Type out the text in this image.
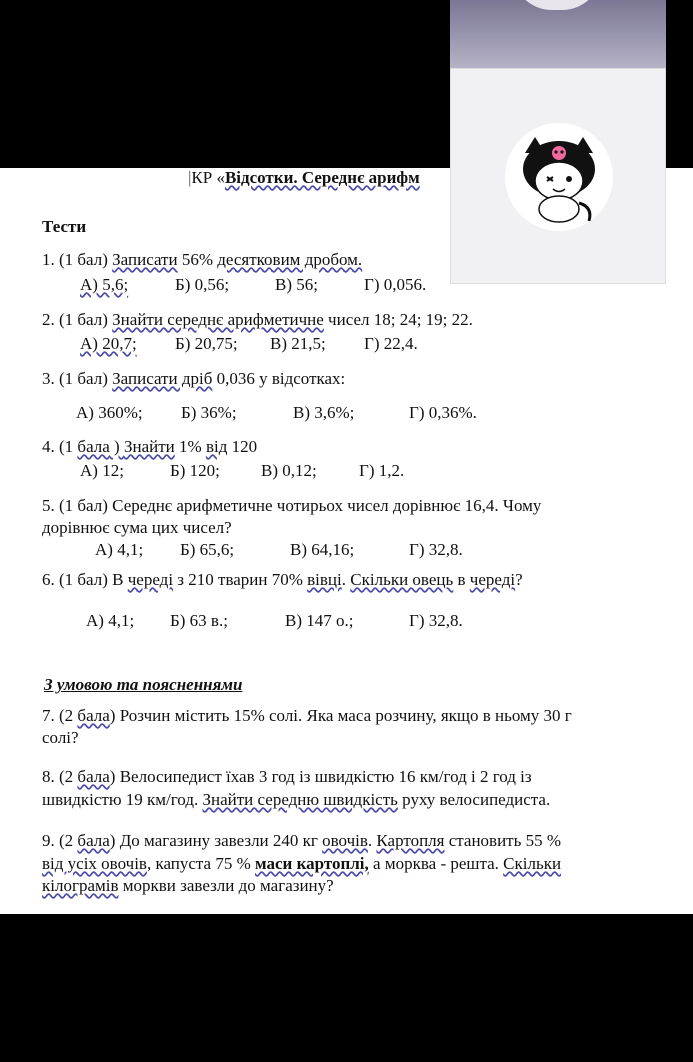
|КР «Відсотки. Середнє арифм
Тести
1. (1 бал) Записати 56% десятковим дробом.
А) 5,6;	Б) 0,56;	В) 56;	Г) 0,056.
2. (1 бал) Знайти середнє арифметичне чисел 18; 24; 19; 22.
А) 20,7; Б) 20,75; В) 21,5; Г) 22,4.
3. (1 бал) Записати дріб 0,036 у відсотках:
А) 360%; Б) 36%;	В) 3,6%;	Г) 0,36%.
4. (1 бала ) Знайти 1% від 120
А) 12;	Б) 120; В) 0,12; Г) 1,2.
5. (1 бал) Середнє арифметичне чотирьох чисел дорівнює 16,4. Чому
дорівнює сума цих чисел?
А) 4,1; Б) 65,6;	В) 64,16;	Г) 32,8.
6. (1 бал) В череді з 210 тварин 70% вівці. Скільки овець в череді?
А) 4,1; Б) 63 в.;	В) 147 о.;	Г) 32,8.
З умовою та поясненнями
7. (2 бала) Розчин містить 15% солі. Яка маса розчину, якщо в ньому 30 г
солі?
8. (2 бала) Велосипедист їхав 3 год із швидкістю 16 км/год і 2 год із
швидкістю 19 км/год. Знайти середню швидкість руху велосипедиста.
9. (2 бала) До магазину завезли 240 кг овочів. Картопля становить 55 %
від усіх овочів, капуста 75 % маси картоплі, а морква - решта. Скільки
кілограмів моркви завезли до магазину?
